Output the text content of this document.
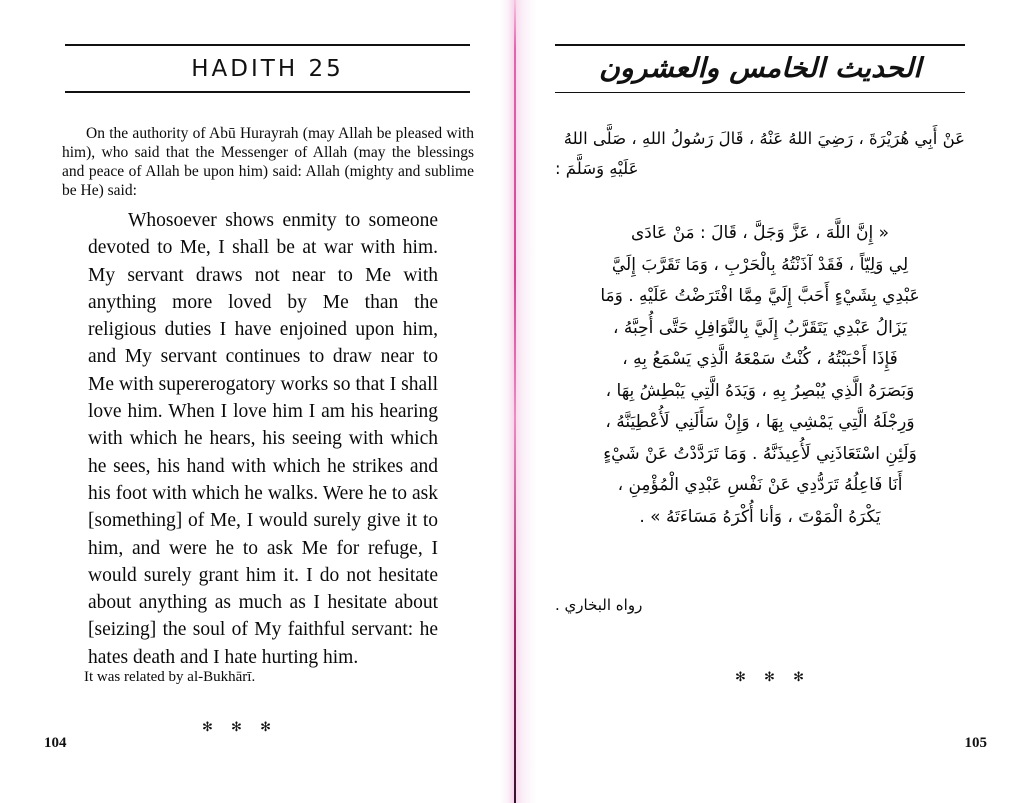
HADITH 25
On the authority of Abū Hurayrah (may Allah be pleased with him), who said that the Messenger of Allah (may the blessings and peace of Allah be upon him) said: Allah (mighty and sublime be He) said:
Whosoever shows enmity to someone devoted to Me, I shall be at war with him. My servant draws not near to Me with anything more loved by Me than the religious duties I have enjoined upon him, and My servant continues to draw near to Me with supererogatory works so that I shall love him. When I love him I am his hearing with which he hears, his seeing with which he sees, his hand with which he strikes and his foot with which he walks. Were he to ask [something] of Me, I would surely give it to him, and were he to ask Me for refuge, I would surely grant him it. I do not hesitate about anything as much as I hesitate about [seizing] the soul of My faithful servant: he hates death and I hate hurting him.
It was related by al-Bukhārī.
✻ ✻ ✻
104
الحديث الخامس والعشرون
عَنْ أَبِي هُرَيْرَةَ ، رَضِيَ اللهُ عَنْهُ ، قَالَ رَسُولُ اللهِ ، صَلَّى اللهُ
عَلَيْهِ وَسَلَّمَ :
« إِنَّ اللَّهَ ، عَزَّ وَجَلَّ ، قَالَ : مَنْ عَادَى
لِي وَلِيّاً ، فَقَدْ آذَنْتُهُ بِالْحَرْبِ ، وَمَا تَقَرَّبَ إِلَيَّ
عَبْدِي بِشَيْءٍ أَحَبَّ إِلَيَّ مِمَّا افْتَرَضْتُ عَلَيْهِ . وَمَا
يَزَالُ عَبْدِي يَتَقَرَّبُ إِلَيَّ بِالنَّوَافِلِ حَتَّى أُحِبَّهُ ،
فَإِذَا أَحْبَبْتُهُ ، كُنْتُ سَمْعَهُ الَّذِي يَسْمَعُ بِهِ ،
وَبَصَرَهُ الَّذِي يُبْصِرُ بِهِ ، وَيَدَهُ الَّتِي يَبْطِشُ بِهَا ،
وَرِجْلَهُ الَّتِي يَمْشِي بِهَا ، وَإِنْ سَأَلَنِي لَأُعْطِيَنَّهُ ،
وَلَئِنِ اسْتَعَاذَنِي لَأُعِيذَنَّهُ . وَمَا تَرَدَّدْتُ عَنْ شَيْءٍ
أَنَا فَاعِلُهُ تَرَدُّدِي عَنْ نَفْسِ عَبْدِي الْمُؤْمِنِ ،
يَكْرَهُ الْمَوْتَ ، وَأنا أُكْرَهُ مَسَاءَتَهُ » .
رواه البخاري .
✻ ✻ ✻
105
